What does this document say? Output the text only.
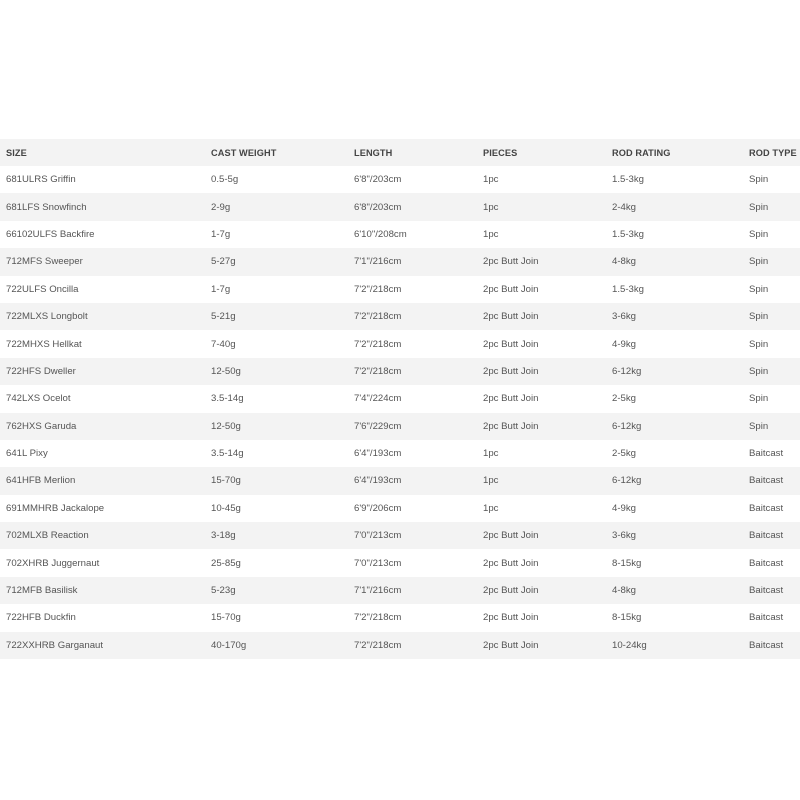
SIZE	CAST WEIGHT	LENGTH	PIECES	ROD RATING	ROD TYPE
681ULRS Griffin	0.5-5g	6'8"/203cm	1pc	1.5-3kg	Spin
681LFS Snowfinch	2-9g	6'8"/203cm	1pc	2-4kg	Spin
66102ULFS Backfire	1-7g	6'10"/208cm	1pc	1.5-3kg	Spin
712MFS Sweeper	5-27g	7'1"/216cm	2pc Butt Join	4-8kg	Spin
722ULFS Oncilla	1-7g	7'2"/218cm	2pc Butt Join	1.5-3kg	Spin
722MLXS Longbolt	5-21g	7'2"/218cm	2pc Butt Join	3-6kg	Spin
722MHXS Hellkat	7-40g	7'2"/218cm	2pc Butt Join	4-9kg	Spin
722HFS Dweller	12-50g	7'2"/218cm	2pc Butt Join	6-12kg	Spin
742LXS Ocelot	3.5-14g	7'4"/224cm	2pc Butt Join	2-5kg	Spin
762HXS Garuda	12-50g	7'6"/229cm	2pc Butt Join	6-12kg	Spin
641L Pixy	3.5-14g	6'4"/193cm	1pc	2-5kg	Baitcast
641HFB Merlion	15-70g	6'4"/193cm	1pc	6-12kg	Baitcast
691MMHRB Jackalope	10-45g	6'9"/206cm	1pc	4-9kg	Baitcast
702MLXB Reaction	3-18g	7'0"/213cm	2pc Butt Join	3-6kg	Baitcast
702XHRB Juggernaut	25-85g	7'0"/213cm	2pc Butt Join	8-15kg	Baitcast
712MFB Basilisk	5-23g	7'1"/216cm	2pc Butt Join	4-8kg	Baitcast
722HFB Duckfin	15-70g	7'2"/218cm	2pc Butt Join	8-15kg	Baitcast
722XXHRB Garganaut	40-170g	7'2"/218cm	2pc Butt Join	10-24kg	Baitcast
